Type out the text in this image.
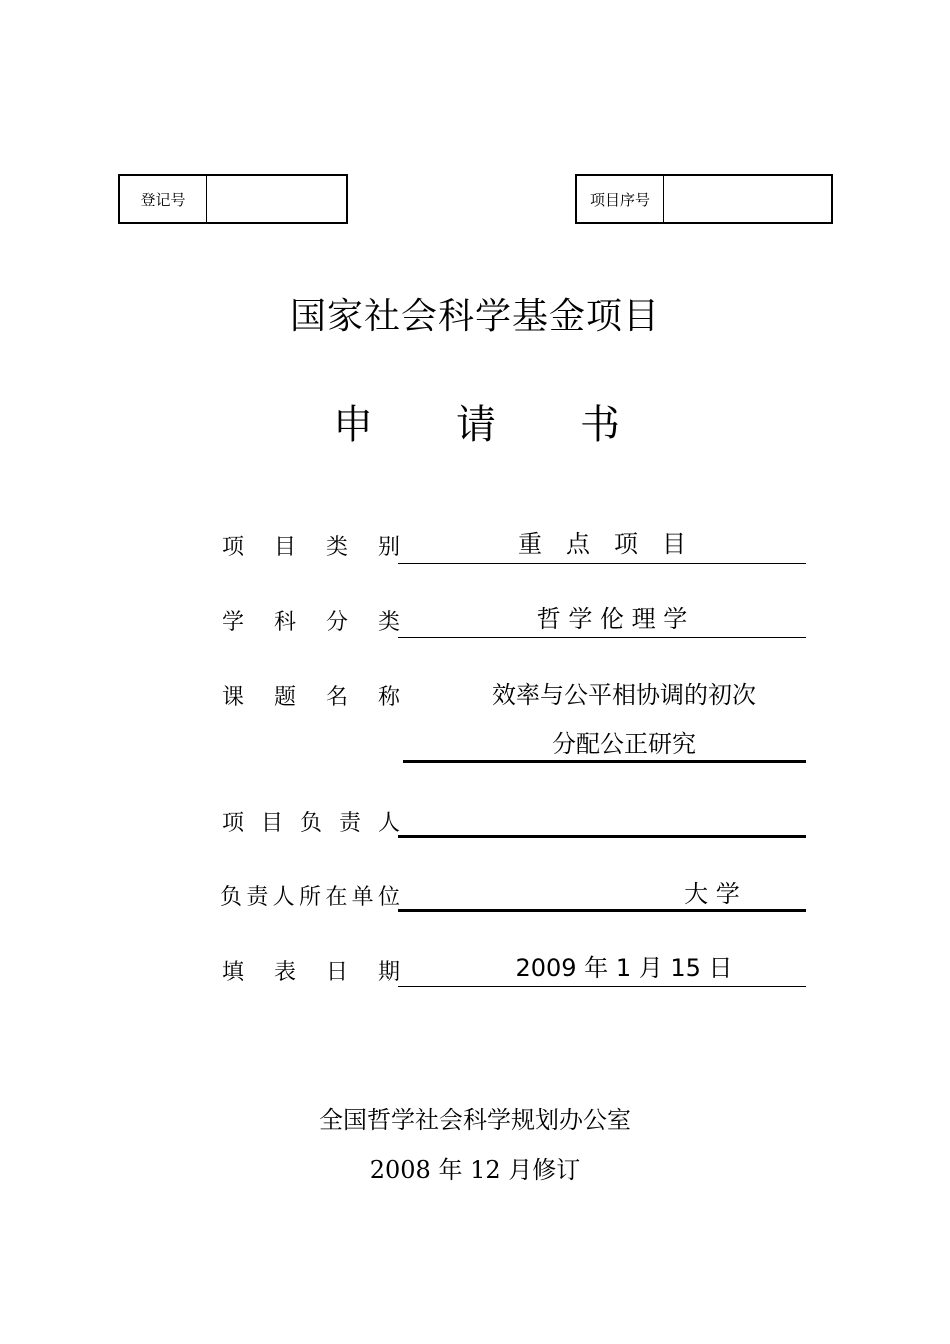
登记号	项目序号
国家社会科学基金项目
申 请 书
项 目 类 别	重　点　项　目
学 科 分 类	哲 学 伦 理 学
课 题 名 称	效率与公平相协调的初次
分配公正研究
项 目 负 责 人
负 责 人 所 在 单 位	大 学
填 表 日 期	2009 年 1 月 15 日
全国哲学社会科学规划办公室
2008 年 12 月修订
